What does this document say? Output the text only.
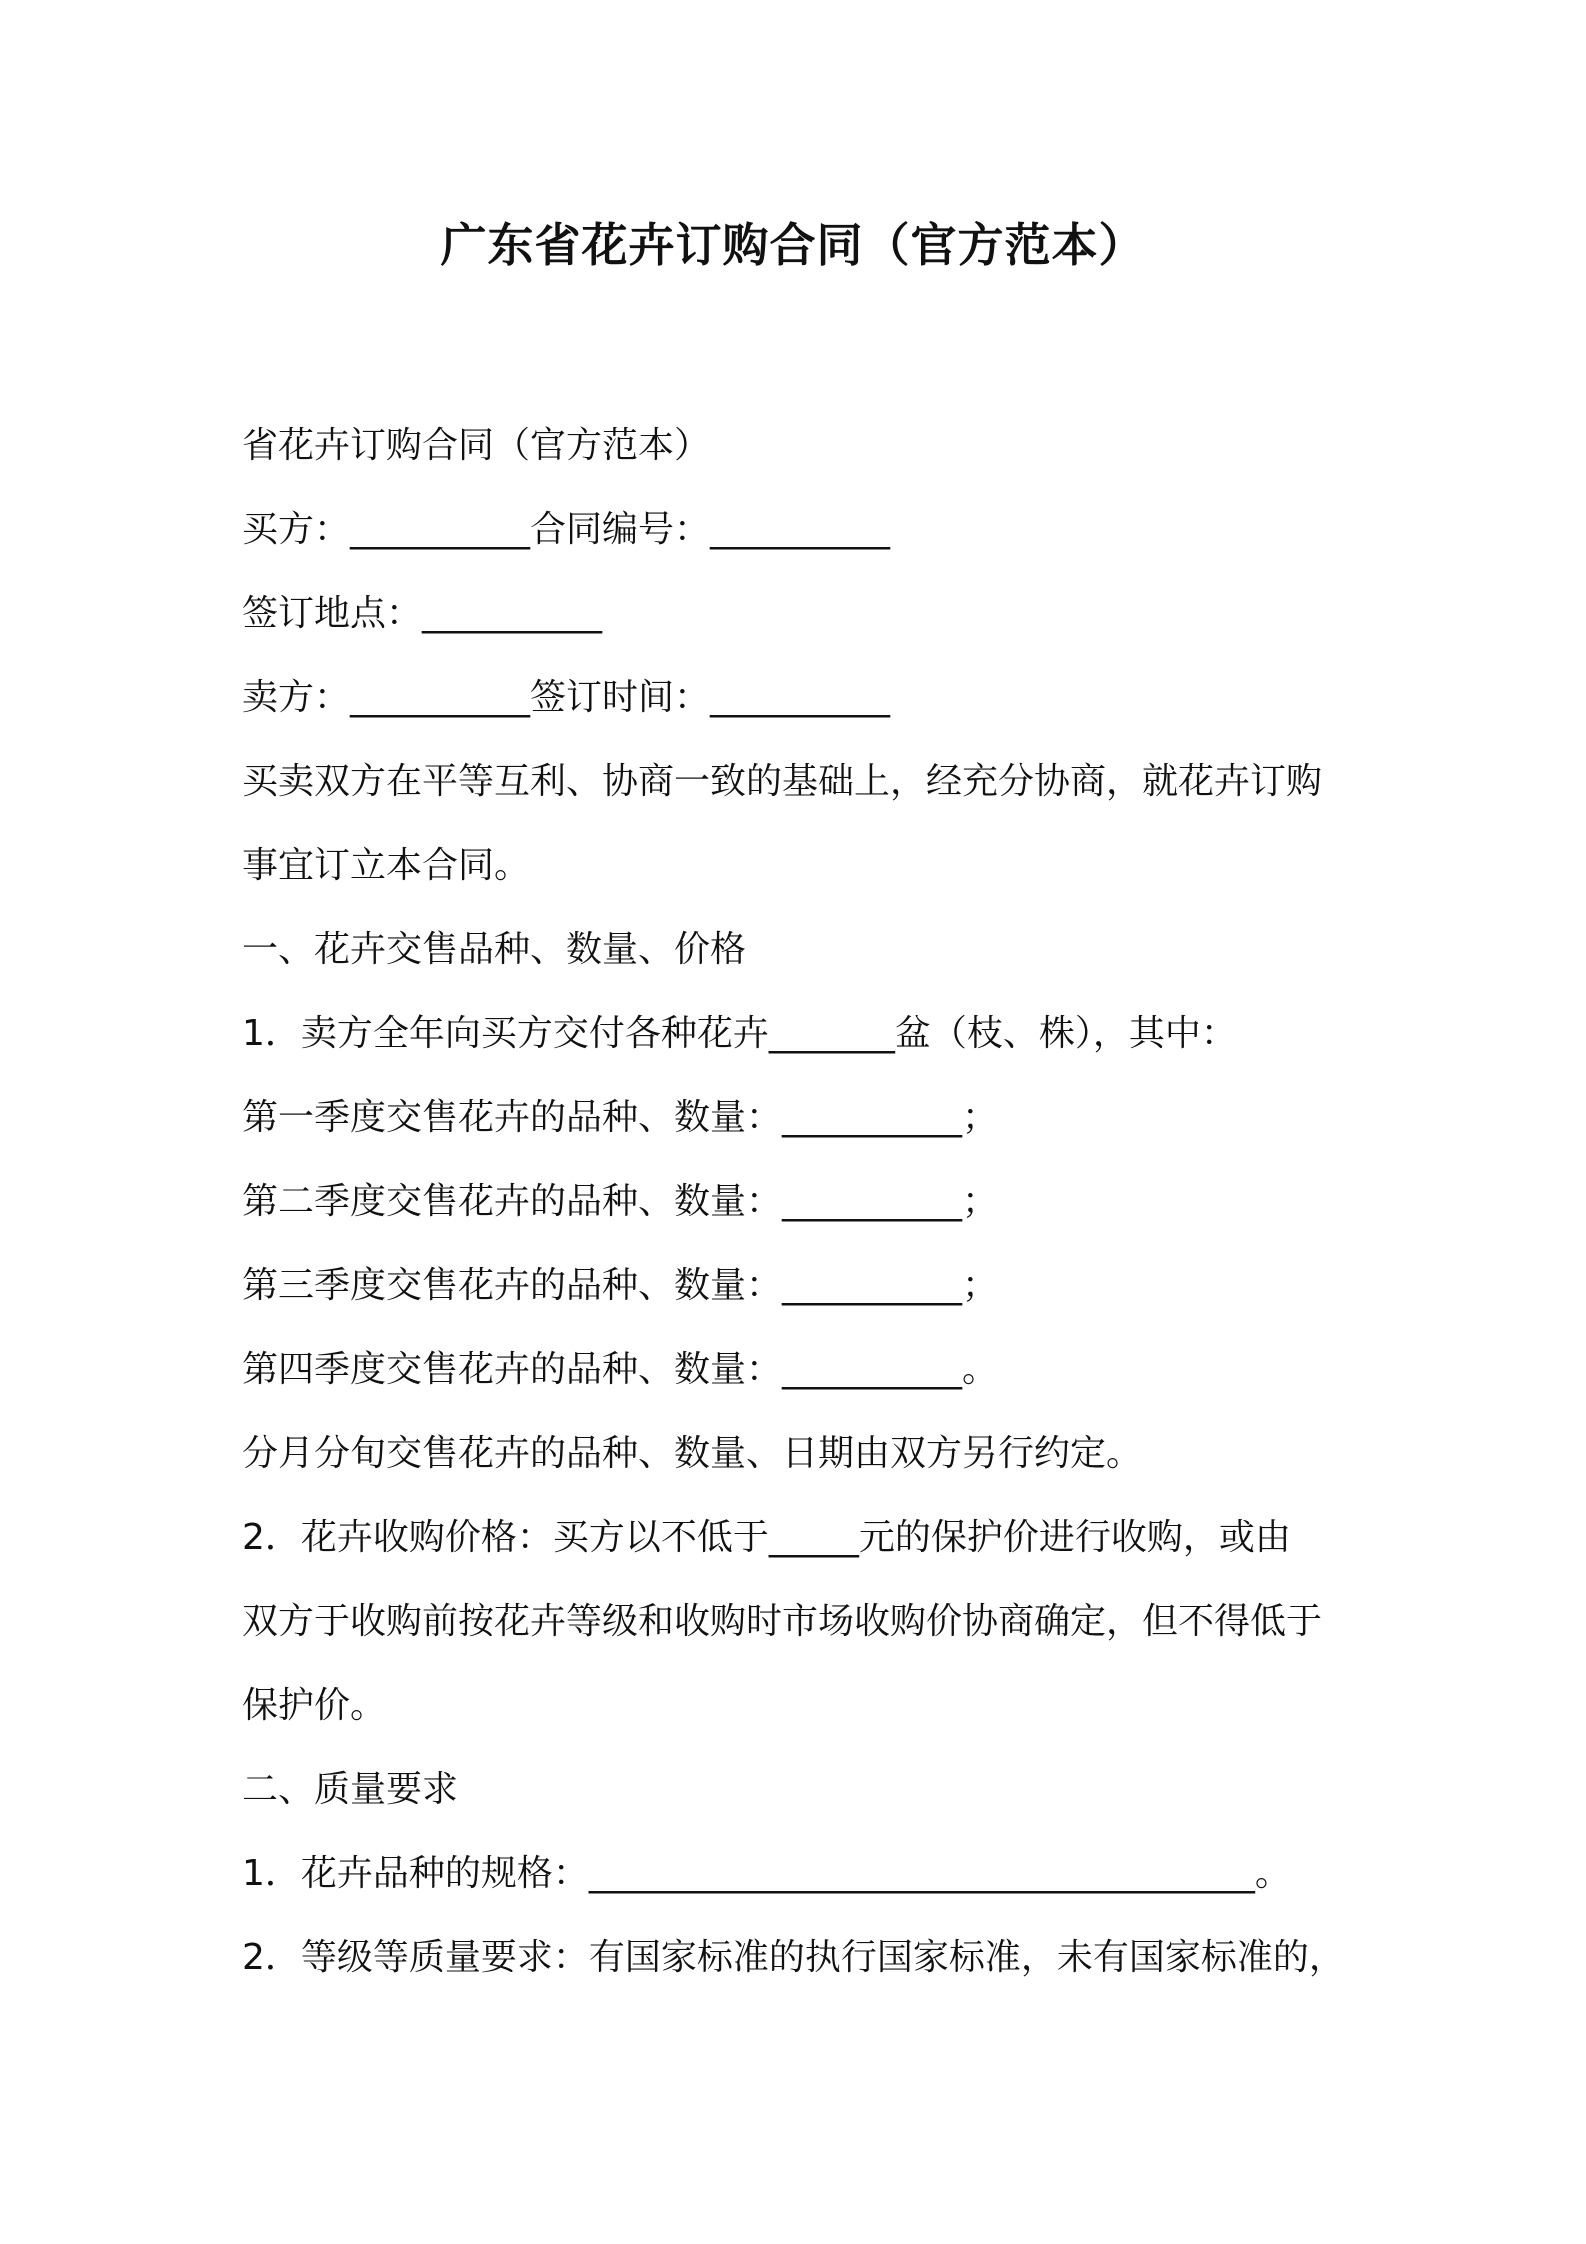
广东省花卉订购合同（官方范本）

省花卉订购合同（官方范本）

买方：__________合同编号：__________

签订地点：__________

卖方：__________签订时间：__________

买卖双方在平等互利、协商一致的基础上，经充分协商，就花卉订购

事宜订立本合同。

一、花卉交售品种、数量、价格

1．卖方全年向买方交付各种花卉_______盆（枝、株），其中：

第一季度交售花卉的品种、数量：__________；

第二季度交售花卉的品种、数量：__________；

第三季度交售花卉的品种、数量：__________；

第四季度交售花卉的品种、数量：__________。

分月分旬交售花卉的品种、数量、日期由双方另行约定。

2．花卉收购价格：买方以不低于_____元的保护价进行收购，或由

双方于收购前按花卉等级和收购时市场收购价协商确定，但不得低于

保护价。

二、质量要求

1．花卉品种的规格：_____________________________________。

2．等级等质量要求：有国家标准的执行国家标准，未有国家标准的，
